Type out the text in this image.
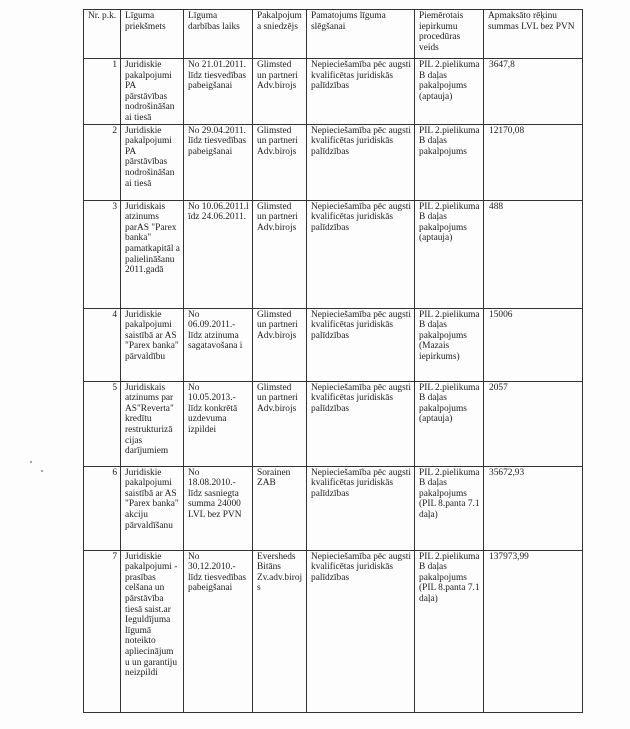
Nr. p.k.	Līguma priekšmets	Līguma darbības laiks	Pakalpojum a sniedzējs	Pamatojums līguma slēgšanai	Piemērotais iepirkumu procedūras veids	Apmaksāto rēķinu summas LVL bez PVN
1	Juridiskie pakalpojumi PA pārstāvības nodrošināšan ai tiesā	No 21.01.2011. līdz tiesvedības pabeigšanai	Glimsted un partneri Adv.birojs	Nepieciešamība pēc augsti kvalificētas juridiskās palīdzības	PIL 2.pielikuma B daļas pakalpojums (aptauja)	3647,8
2	Juridiskie pakalpojumi PA pārstāvības nodrošināšan ai tiesā	No 29.04.2011. līdz tiesvedības pabeigšanai	Glimsted un partneri Adv.birojs	Nepieciešamība pēc augsti kvalificētas juridiskās palīdzības	PIL 2.pielikuma B daļas pakalpojums	12170,08
3	Juridiskais atzinums parAS "Parex banka" pamatkapitāl a palielināšanu 2011.gadā	No 10.06.2011.l īdz 24.06.2011.	Glimsted un partneri Adv.birojs	Nepieciešamība pēc augsti kvalificētas juridiskās palīdzības	PIL 2.pielikuma B daļas pakalpojums (aptauja)	488
4	Juridiskie pakalpojumi saistībā ar AS "Parex banka" pārvaldību	No 06.09.2011.- līdz atzinuma sagatavošana i	Glimsted un partneri Adv.birojs	Nepieciešamība pēc augsti kvalificētas juridiskās palīdzības	PIL 2.pielikuma B daļas pakalpojums (Mazais iepirkums)	15006
5	Juridiskais atzinums par AS"Reverta" kredītu restrukturizā cijas darījumiem	No 10.05.2013.- līdz konkrētā uzdevuma izpildei	Glimsted un partneri Adv.birojs	Nepieciešamība pēc augsti kvalificētas juridiskās palīdzības	PIL 2.pielikuma B daļas pakalpojums (aptauja)	2057
6	Juridiskie pakalpojumi saistībā ar AS "Parex banka" akciju pārvaldīšanu	No 18.08.2010.- līdz sasniegta summa 24000 LVL bez PVN	Sorainen ZAB	Nepieciešamība pēc augsti kvalificētas juridiskās palīdzības	PIL 2.pielikuma B daļas pakalpojums (PIL 8.panta 7.1 daļa)	35672,93
7	Juridiskie pakalpojumi - prasības celšana un pārstāvība tiesā saist.ar Ieguldījuma līgumā noteikto apliecinājum u un garantiju neizpildi	No 30.12.2010.- līdz tiesvedības pabeigšanai	Eversheds Bitāns Zv.adv.biroj s	Nepieciešamība pēc augsti kvalificētas juridiskās palīdzības	PIL 2.pielikuma B daļas pakalpojums (PIL 8.panta 7.1 daļa)	137973,99
